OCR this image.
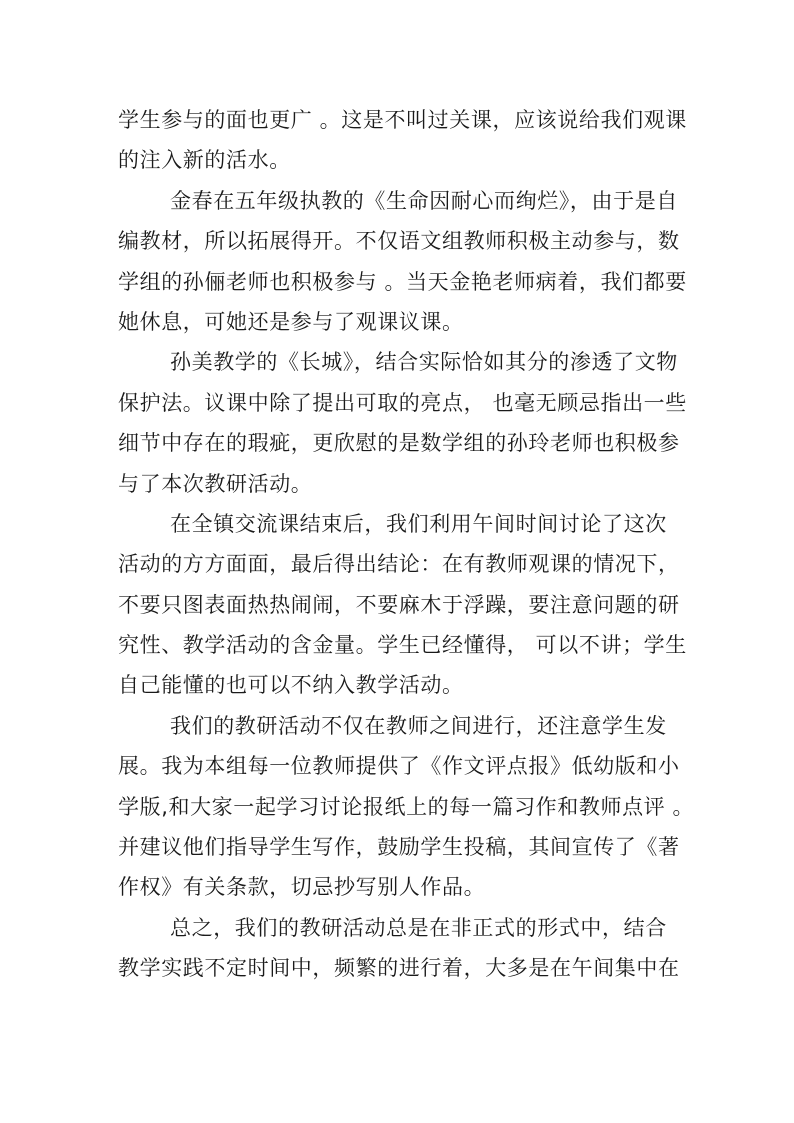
学生参与的面也更广 。这是不叫过关课，应该说给我们观课
的注入新的活水。
金春在五年级执教的《生命因耐心而绚烂》，由于是自
编教材，所以拓展得开。不仅语文组教师积极主动参与，数
学组的孙俪老师也积极参与 。当天金艳老师病着，我们都要
她休息，可她还是参与了观课议课。
孙美教学的《长城》，结合实际恰如其分的渗透了文物
保护法。议课中除了提出可取的亮点， 也毫无顾忌指出一些
细节中存在的瑕疵，更欣慰的是数学组的孙玲老师也积极参
与了本次教研活动。
在全镇交流课结束后，我们利用午间时间讨论了这次
活动的方方面面，最后得出结论：在有教师观课的情况下，
不要只图表面热热闹闹，不要麻木于浮躁，要注意问题的研
究性、教学活动的含金量。学生已经懂得， 可以不讲；学生
自己能懂的也可以不纳入教学活动。
我们的教研活动不仅在教师之间进行，还注意学生发
展。我为本组每一位教师提供了《作文评点报》低幼版和小
学版,和大家一起学习讨论报纸上的每一篇习作和教师点评 。
并建议他们指导学生写作，鼓励学生投稿，其间宣传了《著
作权》有关条款，切忌抄写别人作品。
总之，我们的教研活动总是在非正式的形式中，结合
教学实践不定时间中，频繁的进行着，大多是在午间集中在
